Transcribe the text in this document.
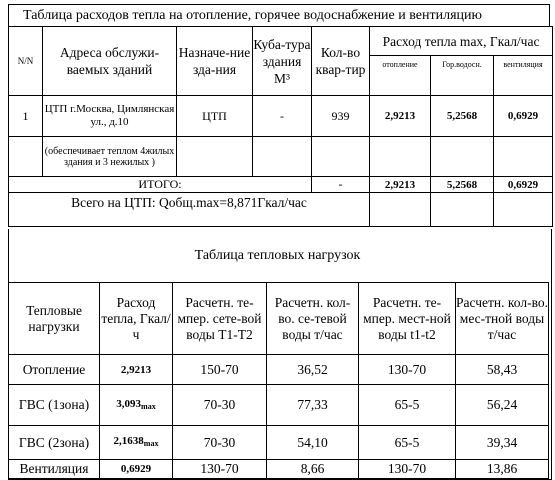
Таблица расходов тепла на отопление, горячее водоснабжение и вентиляцию
N/N	Адреса обслужи-ваемых зданий	Назначе-ние зда-ния	Куба-тура здания М³	Кол-во квар-тир	Расход тепла max, Гкал/час		
					отопление	Гор.водосн.	вентиляция
1	ЦТП г.Москва, Цимлянская ул., д.10	ЦТП	-	939	2,9213	5,2568	0,6929
	(обеспечивает теплом 4жилых здания и 3 нежилых )						
ИТОГО:				-	2,9213	5,2568	0,6929
Всего на ЦТП: Qобщ.max=8,871Гкал/час							
Таблица тепловых нагрузок
Тепловые нагрузки	Расход тепла, Гкал/ч	Расчетн. те-мпер. сете-вой воды Т1-Т2	Расчетн. кол-во. се-тевой воды т/час	Расчетн. те-мпер. мест-ной воды t1-t2	Расчетн. кол-во. мес-тной воды т/час
Отопление	2,9213	150-70	36,52	130-70	58,43
ГВС (1зона)	$3,093_{max}$	70-30	77,33	65-5	56,24
ГВС (2зона)	$2,1638_{max}$	70-30	54,10	65-5	39,34
Вентиляция	0,6929	130-70	8,66	130-70	13,86
